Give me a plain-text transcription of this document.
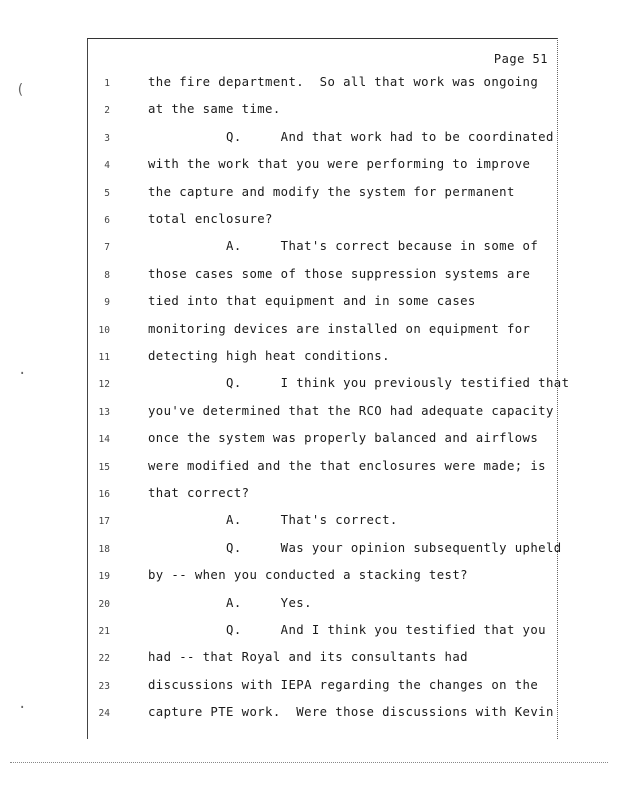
Page 51
1	the fire department.  So all that work was ongoing
2	at the same time.
3	Q.     And that work had to be coordinated
4	with the work that you were performing to improve
5	the capture and modify the system for permanent
6	total enclosure?
7	A.     That's correct because in some of
8	those cases some of those suppression systems are
9	tied into that equipment and in some cases
10	monitoring devices are installed on equipment for
11	detecting high heat conditions.
12	Q.     I think you previously testified that
13	you've determined that the RCO had adequate capacity
14	once the system was properly balanced and airflows
15	were modified and the that enclosures were made; is
16	that correct?
17	A.     That's correct.
18	Q.     Was your opinion subsequently upheld
19	by -- when you conducted a stacking test?
20	A.     Yes.
21	Q.     And I think you testified that you
22	had -- that Royal and its consultants had
23	discussions with IEPA regarding the changes on the
24	capture PTE work.  Were those discussions with Kevin
(
·
·
